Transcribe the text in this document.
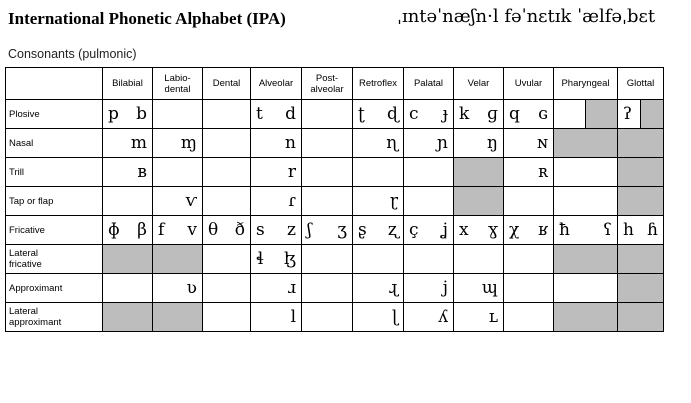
International Phonetic Alphabet (IPA)	ˌɪntəˈnæʃn·l fəˈnɛtɪk ˈælfəˌbɛt
Consonants (pulmonic)
	Bilabial	Labio-
dental	Dental	Alveolar	Post-
alveolar	Retroflex	Palatal	Velar	Uvular	Pharyngeal	Glottal
Plosive	p b			t d		ʈ ɖ	c ɟ	k ɡ	q ɢ		ʔ

Nasal	m	ɱ		n		ɳ	ɲ	ŋ	ɴ		

Trill	ʙ			r					ʀ		

Tap or flap		ⱱ		ɾ		ɽ					

Fricative	ɸ β	f v	θ ð	s z	ʃ ʒ	ʂ ʐ	ç ʝ	x ɣ	χ ʁ	ħ ʕ	h ɦ

Lateral
fricative				ɬ ɮ							

Approximant		ʋ		ɹ		ɻ	j	ɰ			

Lateral
approximant				l		ɭ	ʎ	ʟ			
